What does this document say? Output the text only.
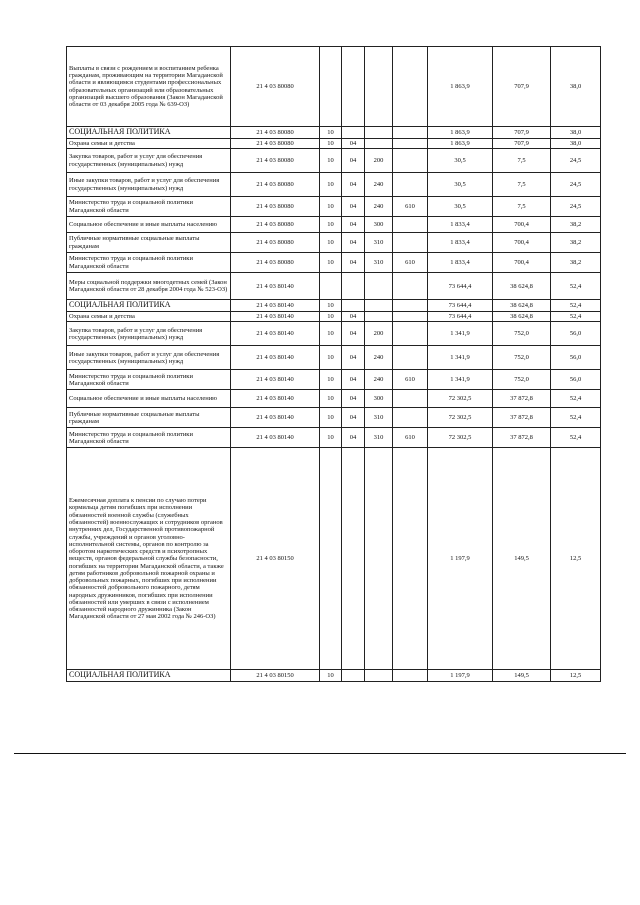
Выплаты в связи с рождением и воспитанием ребенка гражданам, проживающим на территории Магаданской области и являющимся студентами профессиональных образовательных организаций или образовательных организаций высшего образования (Закон Магаданской области от 03 декабря 2005 года № 639-ОЗ)	21 4 03 80080					1 863,9	707,9	38,0
СОЦИАЛЬНАЯ ПОЛИТИКА	21 4 03 80080	10				1 863,9	707,9	38,0
Охрана семьи и детства	21 4 03 80080	10	04			1 863,9	707,9	38,0
Закупка товаров, работ и услуг для обеспечения государственных (муниципальных) нужд	21 4 03 80080	10	04	200		30,5	7,5	24,5
Иные закупки товаров, работ и услуг для обеспечения государственных (муниципальных) нужд	21 4 03 80080	10	04	240		30,5	7,5	24,5
Министерство труда и социальной политики Магаданской области	21 4 03 80080	10	04	240	610	30,5	7,5	24,5
Социальное обеспечение и иные выплаты населению	21 4 03 80080	10	04	300		1 833,4	700,4	38,2
Публичные нормативные социальные выплаты гражданам	21 4 03 80080	10	04	310		1 833,4	700,4	38,2
Министерство труда и социальной политики Магаданской области	21 4 03 80080	10	04	310	610	1 833,4	700,4	38,2
Меры социальной поддержки многодетных семей (Закон Магаданской области от 28 декабря 2004 года № 523-ОЗ)	21 4 03 80140					73 644,4	38 624,8	52,4
СОЦИАЛЬНАЯ ПОЛИТИКА	21 4 03 80140	10				73 644,4	38 624,8	52,4
Охрана семьи и детства	21 4 03 80140	10	04			73 644,4	38 624,8	52,4
Закупка товаров, работ и услуг для обеспечения государственных (муниципальных) нужд	21 4 03 80140	10	04	200		1 341,9	752,0	56,0
Иные закупки товаров, работ и услуг для обеспечения государственных (муниципальных) нужд	21 4 03 80140	10	04	240		1 341,9	752,0	56,0
Министерство труда и социальной политики Магаданской области	21 4 03 80140	10	04	240	610	1 341,9	752,0	56,0
Социальное обеспечение и иные выплаты населению	21 4 03 80140	10	04	300		72 302,5	37 872,8	52,4
Публичные нормативные социальные выплаты гражданам	21 4 03 80140	10	04	310		72 302,5	37 872,8	52,4
Министерство труда и социальной политики Магаданской области	21 4 03 80140	10	04	310	610	72 302,5	37 872,8	52,4
Ежемесячная доплата к пенсии по случаю потери кормильца детям погибших при исполнении обязанностей военной службы (служебных обязанностей) военнослужащих и сотрудников органов внутренних дел, Государственной противопожарной службы, учреждений и органов уголовно-исполнительной системы, органов по контролю за оборотом наркотических средств и психотропных веществ, органов федеральной службы безопасности, погибших на территории Магаданской области, а также детям работников добровольной пожарной охраны и добровольных пожарных, погибших при исполнении обязанностей добровольного пожарного, детям народных дружинников, погибших при исполнении обязанностей или умерших в связи с исполнением обязанностей народного дружинника (Закон Магаданской области от 27 мая 2002 года № 246-ОЗ)	21 4 03 80150					1 197,9	149,5	12,5
СОЦИАЛЬНАЯ ПОЛИТИКА	21 4 03 80150	10				1 197,9	149,5	12,5
